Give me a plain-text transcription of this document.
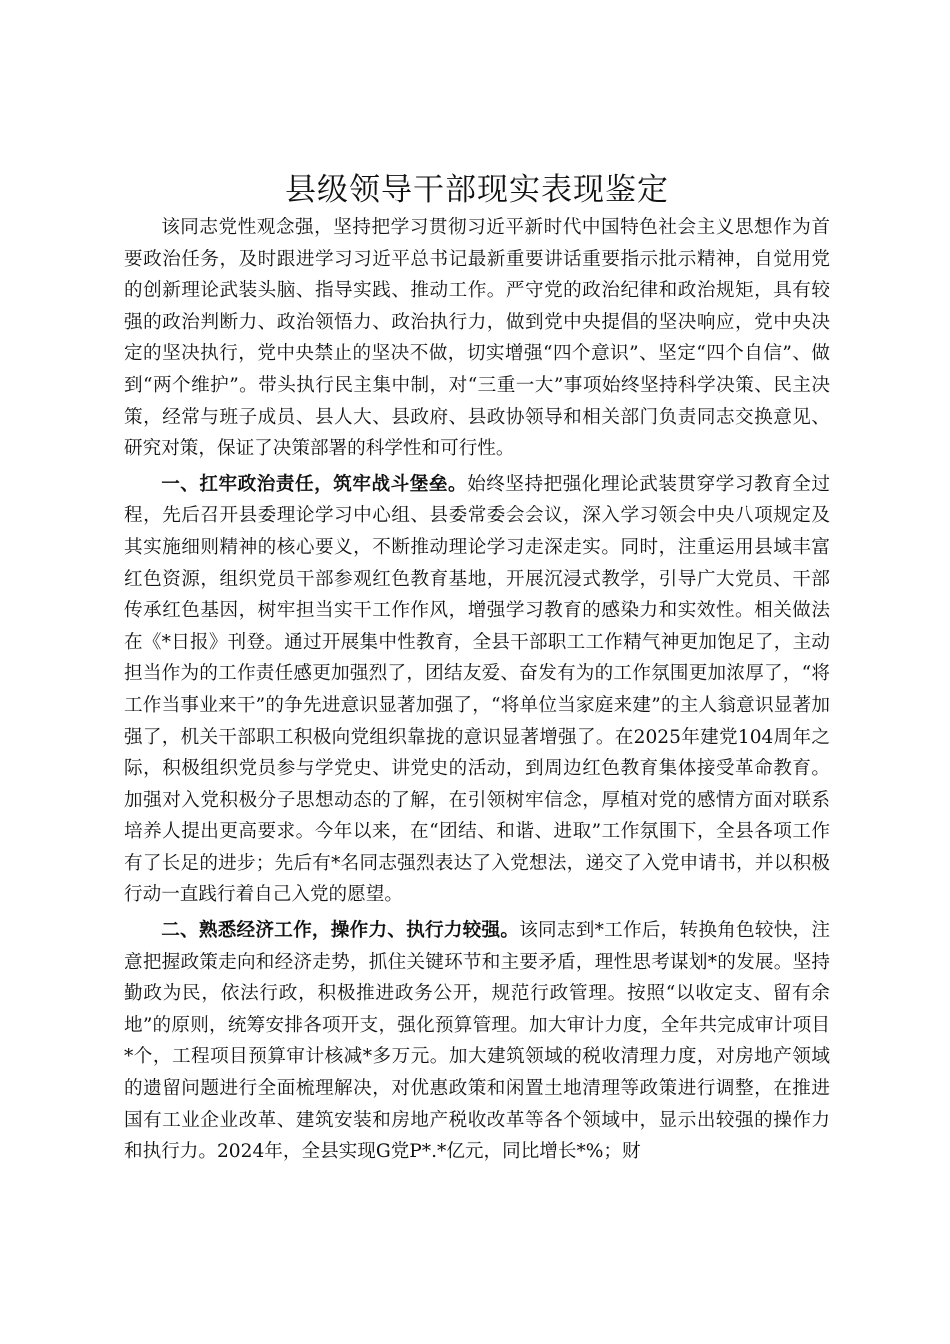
县级领导干部现实表现鉴定

该同志党性观念强，坚持把学习贯彻习近平新时代中国特色社会主义思想作为首要政治任务，及时跟进学习习近平总书记最新重要讲话重要指示批示精神，自觉用党的创新理论武装头脑、指导实践、推动工作。严守党的政治纪律和政治规矩，具有较强的政治判断力、政治领悟力、政治执行力，做到党中央提倡的坚决响应，党中央决定的坚决执行，党中央禁止的坚决不做，切实增强“四个意识”、坚定“四个自信”、做到“两个维护”。带头执行民主集中制，对“三重一大”事项始终坚持科学决策、民主决策，经常与班子成员、县人大、县政府、县政协领导和相关部门负责同志交换意见、研究对策，保证了决策部署的科学性和可行性。

一、扛牢政治责任，筑牢战斗堡垒。始终坚持把强化理论武装贯穿学习教育全过程，先后召开县委理论学习中心组、县委常委会会议，深入学习领会中央八项规定及其实施细则精神的核心要义，不断推动理论学习走深走实。同时，注重运用县域丰富红色资源，组织党员干部参观红色教育基地，开展沉浸式教学，引导广大党员、干部传承红色基因，树牢担当实干工作作风，增强学习教育的感染力和实效性。相关做法在《*日报》刊登。通过开展集中性教育，全县干部职工工作精气神更加饱足了，主动担当作为的工作责任感更加强烈了，团结友爱、奋发有为的工作氛围更加浓厚了，“将工作当事业来干”的争先进意识显著加强了，“将单位当家庭来建”的主人翁意识显著加强了，机关干部职工积极向党组织靠拢的意识显著增强了。在2025年建党104周年之际，积极组织党员参与学党史、讲党史的活动，到周边红色教育集体接受革命教育。加强对入党积极分子思想动态的了解，在引领树牢信念，厚植对党的感情方面对联系培养人提出更高要求。今年以来，在“团结、和谐、进取”工作氛围下，全县各项工作有了长足的进步；先后有*名同志强烈表达了入党想法，递交了入党申请书，并以积极行动一直践行着自己入党的愿望。

二、熟悉经济工作，操作力、执行力较强。该同志到*工作后，转换角色较快，注意把握政策走向和经济走势，抓住关键环节和主要矛盾，理性思考谋划*的发展。坚持勤政为民，依法行政，积极推进政务公开，规范行政管理。按照“以收定支、留有余地”的原则，统筹安排各项开支，强化预算管理。加大审计力度，全年共完成审计项目*个，工程项目预算审计核减*多万元。加大建筑领域的税收清理力度，对房地产领域的遗留问题进行全面梳理解决，对优惠政策和闲置土地清理等政策进行调整，在推进国有工业企业改革、建筑安装和房地产税收改革等各个领域中，显示出较强的操作力和执行力。2024年，全县实现G党P*.*亿元，同比增长*%；财
